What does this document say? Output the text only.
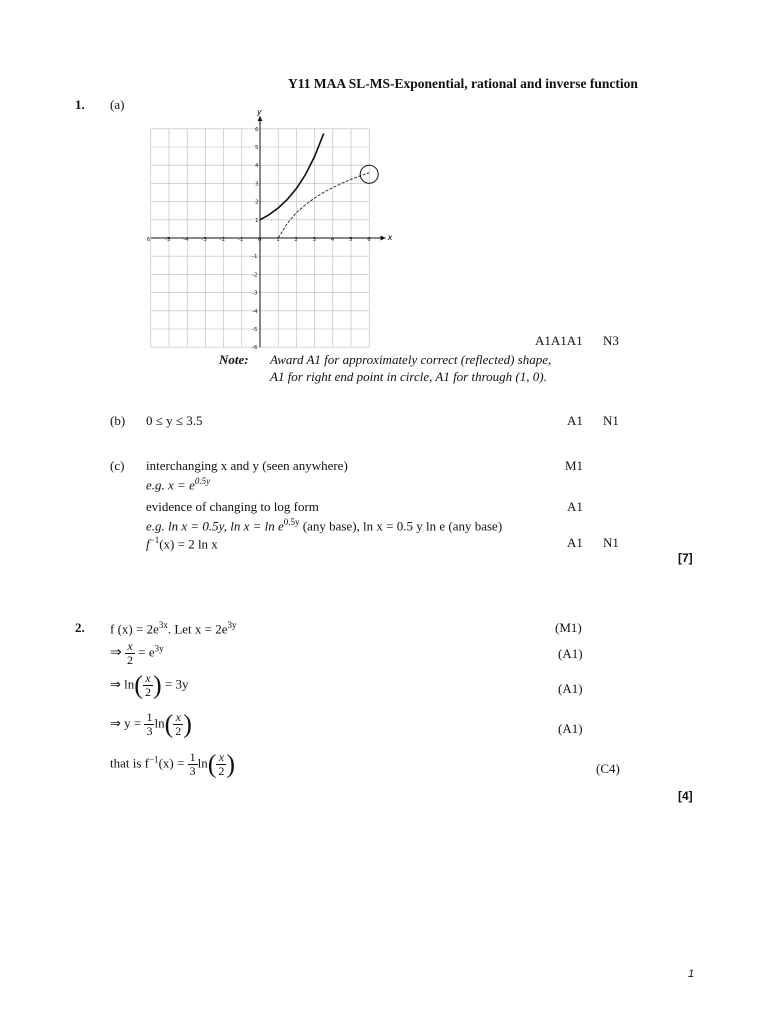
Y11 MAA SL-MS-Exponential, rational and inverse function
1. (a)
6	-5 -4 -3 -2 -1	0	1	2	3	4	5	6
1
2
3
4
5
6
-1
-2
-3
-4
-5
-6
x
y
A1A1A1 N3
Note: Award A1 for approximately correct (reflected) shape,
A1 for right end point in circle, A1 for through (1, 0).
(b) 0 ≤ y ≤ 3.5	A1 N1
(c) interchanging x and y (seen anywhere)	M1
e.g. $x = e^{0.5y}$
evidence of changing to log form	A1
e.g. ln x = 0.5y, $\ln x = \ln e^{0.5y}$ (any base), ln x = 0.5 y ln e (any base)
$f^{-1}(x) = 2$ ln x	A1 N1
[7]
2. f $(x) = 2e^{3x}$. Let $x = 2e^{3y}$	(M1)
⇒ $\frac{x}{2} = e^{3y}$	(A1)
⇒ $\ln( \frac{x}{2}$ ) = 3y	(A1)
⇒ $y = \frac{1}{3} \ln( \frac{x}{2}$ )	(A1)
that is $f^{-1}(x) = \frac{1}{3} \ln( \frac{x}{2}$ )	(C4)
[4]
1
